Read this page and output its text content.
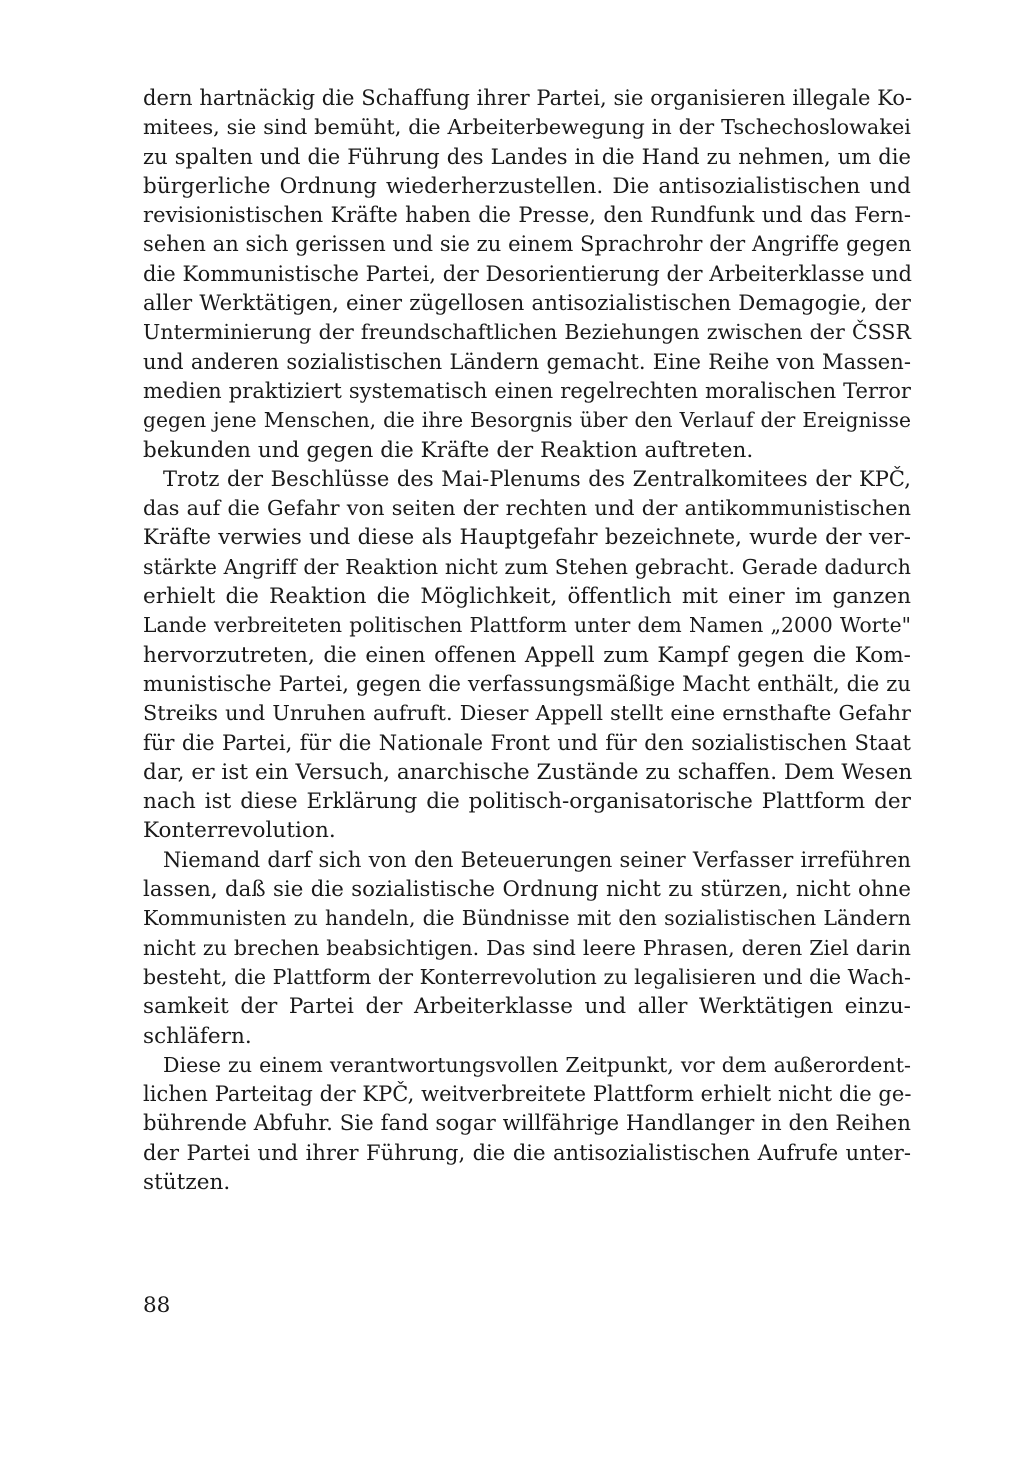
dern hartnäckig die Schaffung ihrer Partei, sie organisieren illegale Ko-
mitees, sie sind bemüht, die Arbeiterbewegung in der Tschechoslowakei
zu spalten und die Führung des Landes in die Hand zu nehmen, um die
bürgerliche Ordnung wiederherzustellen. Die antisozialistischen und
revisionistischen Kräfte haben die Presse, den Rundfunk und das Fern-
sehen an sich gerissen und sie zu einem Sprachrohr der Angriffe gegen
die Kommunistische Partei, der Desorientierung der Arbeiterklasse und
aller Werktätigen, einer zügellosen antisozialistischen Demagogie, der
Unterminierung der freundschaftlichen Beziehungen zwischen der ČSSR
und anderen sozialistischen Ländern gemacht. Eine Reihe von Massen-
medien praktiziert systematisch einen regelrechten moralischen Terror
gegen jene Menschen, die ihre Besorgnis über den Verlauf der Ereignisse
bekunden und gegen die Kräfte der Reaktion auftreten.

Trotz der Beschlüsse des Mai-Plenums des Zentralkomitees der KPČ,
das auf die Gefahr von seiten der rechten und der antikommunistischen
Kräfte verwies und diese als Hauptgefahr bezeichnete, wurde der ver-
stärkte Angriff der Reaktion nicht zum Stehen gebracht. Gerade dadurch
erhielt die Reaktion die Möglichkeit, öffentlich mit einer im ganzen
Lande verbreiteten politischen Plattform unter dem Namen „2000 Worte"
hervorzutreten, die einen offenen Appell zum Kampf gegen die Kom-
munistische Partei, gegen die verfassungsmäßige Macht enthält, die zu
Streiks und Unruhen aufruft. Dieser Appell stellt eine ernsthafte Gefahr
für die Partei, für die Nationale Front und für den sozialistischen Staat
dar, er ist ein Versuch, anarchische Zustände zu schaffen. Dem Wesen
nach ist diese Erklärung die politisch-organisatorische Plattform der
Konterrevolution.

Niemand darf sich von den Beteuerungen seiner Verfasser irreführen
lassen, daß sie die sozialistische Ordnung nicht zu stürzen, nicht ohne
Kommunisten zu handeln, die Bündnisse mit den sozialistischen Ländern
nicht zu brechen beabsichtigen. Das sind leere Phrasen, deren Ziel darin
besteht, die Plattform der Konterrevolution zu legalisieren und die Wach-
samkeit der Partei der Arbeiterklasse und aller Werktätigen einzu-
schläfern.

Diese zu einem verantwortungsvollen Zeitpunkt, vor dem außerordent-
lichen Parteitag der KPČ, weitverbreitete Plattform erhielt nicht die ge-
bührende Abfuhr. Sie fand sogar willfährige Handlanger in den Reihen
der Partei und ihrer Führung, die die antisozialistischen Aufrufe unter-
stützen.

88
